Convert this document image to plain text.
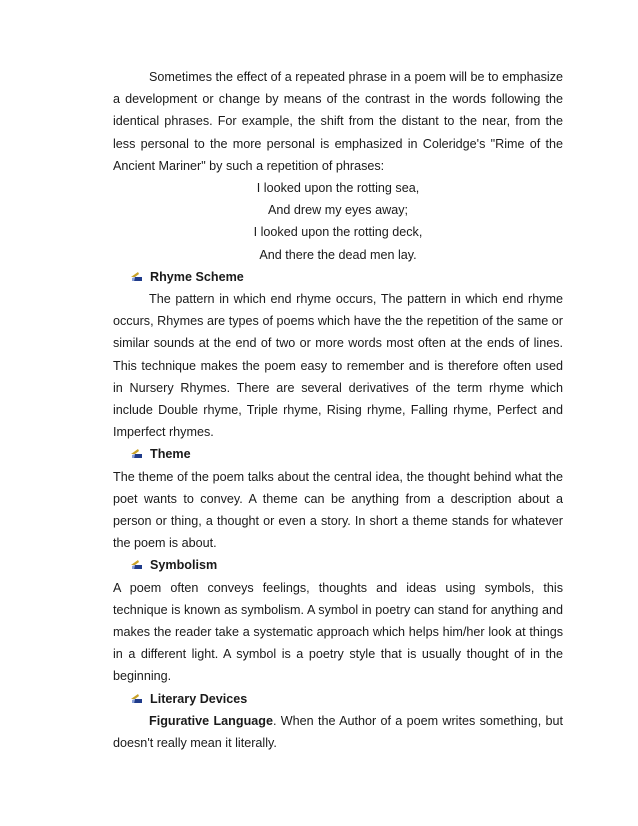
Sometimes the effect of a repeated phrase in a poem will be to emphasize a development or change by means of the contrast in the words following the identical phrases. For example, the shift from the distant to the near, from the less personal to the more personal is emphasized in Coleridge's "Rime of the Ancient Mariner" by such a repetition of phrases:

I looked upon the rotting sea,
And drew my eyes away;
I looked upon the rotting deck,
And there the dead men lay.
Rhyme Scheme

The pattern in which end rhyme occurs, The pattern in which end rhyme occurs, Rhymes are types of poems which have the the repetition of the same or similar sounds at the end of two or more words most often at the ends of lines. This technique makes the poem easy to remember and is therefore often used in Nursery Rhymes. There are several derivatives of the term rhyme which include Double rhyme, Triple rhyme, Rising rhyme, Falling rhyme, Perfect and Imperfect rhymes.

Theme

The theme of the poem talks about the central idea, the thought behind what the poet wants to convey. A theme can be anything from a description about a person or thing, a thought or even a story. In short a theme stands for whatever the poem is about.

Symbolism

A poem often conveys feelings, thoughts and ideas using symbols, this technique is known as symbolism. A symbol in poetry can stand for anything and makes the reader take a systematic approach which helps him/her look at things in a different light. A symbol is a poetry style that is usually thought of in the beginning.

Literary Devices

Figurative Language. When the Author of a poem writes something, but doesn't really mean it literally.
